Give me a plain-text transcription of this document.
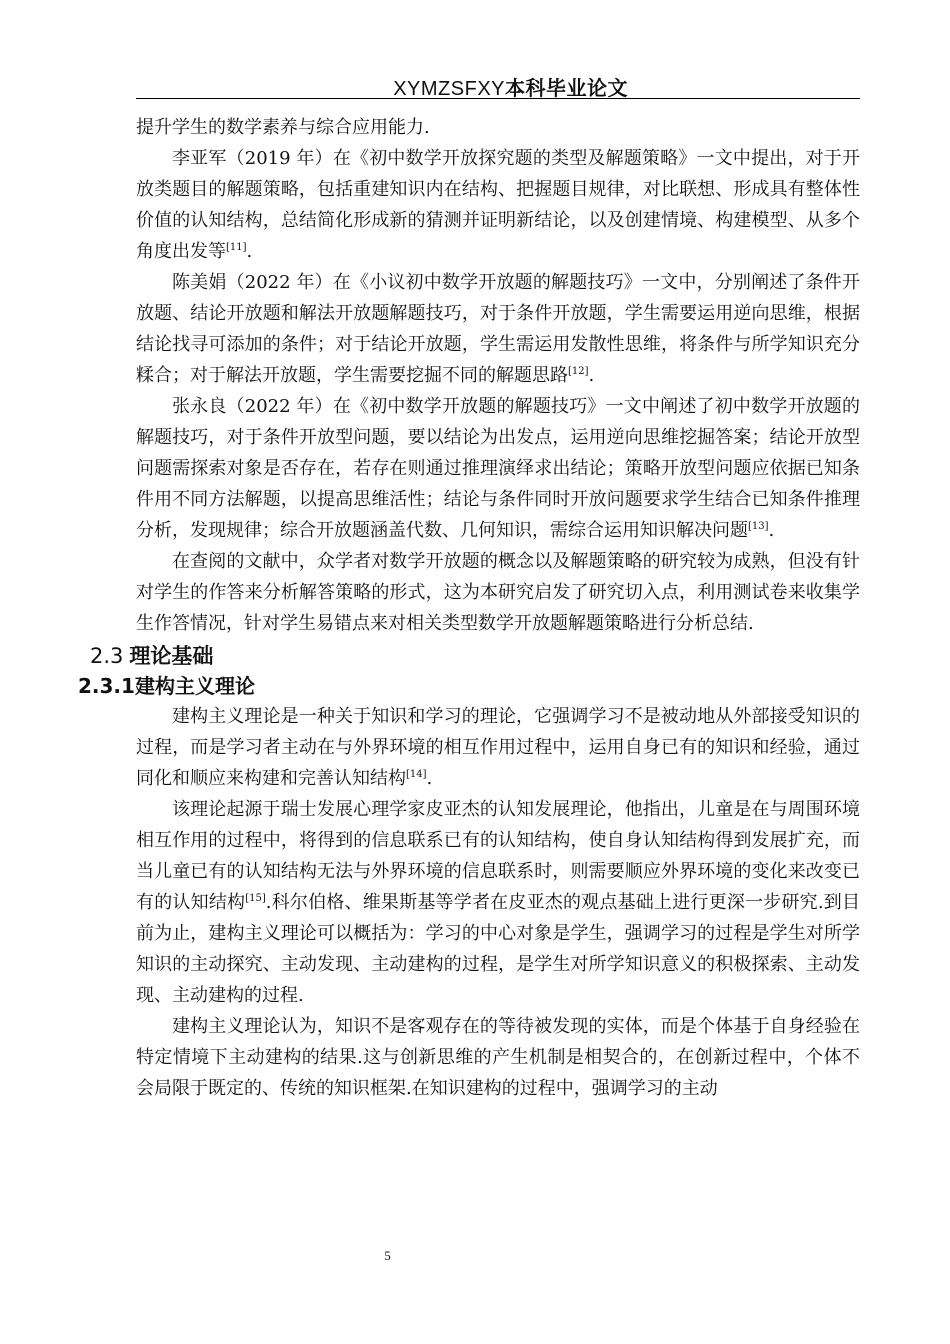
XYMZSFXY本科毕业论文

提升学生的数学素养与综合应用能力.

李亚军（2019 年）在《初中数学开放探究题的类型及解题策略》一文中提出，对于开放类题目的解题策略，包括重建知识内在结构、把握题目规律，对比联想、形成具有整体性价值的认知结构，总结简化形成新的猜测并证明新结论，以及创建情境、构建模型、从多个角度出发等[11].

陈美娟（2022 年）在《小议初中数学开放题的解题技巧》一文中，分别阐述了条件开放题、结论开放题和解法开放题解题技巧，对于条件开放题，学生需要运用逆向思维，根据结论找寻可添加的条件；对于结论开放题，学生需运用发散性思维，将条件与所学知识充分糅合；对于解法开放题，学生需要挖掘不同的解题思路[12].

张永良（2022 年）在《初中数学开放题的解题技巧》一文中阐述了初中数学开放题的解题技巧，对于条件开放型问题，要以结论为出发点，运用逆向思维挖掘答案；结论开放型问题需探索对象是否存在，若存在则通过推理演绎求出结论；策略开放型问题应依据已知条件用不同方法解题，以提高思维活性；结论与条件同时开放问题要求学生结合已知条件推理分析，发现规律；综合开放题涵盖代数、几何知识，需综合运用知识解决问题[13].

在查阅的文献中，众学者对数学开放题的概念以及解题策略的研究较为成熟，但没有针对学生的作答来分析解答策略的形式，这为本研究启发了研究切入点，利用测试卷来收集学生作答情况，针对学生易错点来对相关类型数学开放题解题策略进行分析总结.

2.3 理论基础
2.3.1建构主义理论

建构主义理论是一种关于知识和学习的理论，它强调学习不是被动地从外部接受知识的过程，而是学习者主动在与外界环境的相互作用过程中，运用自身已有的知识和经验，通过同化和顺应来构建和完善认知结构[14].

该理论起源于瑞士发展心理学家皮亚杰的认知发展理论，他指出，儿童是在与周围环境相互作用的过程中，将得到的信息联系已有的认知结构，使自身认知结构得到发展扩充，而当儿童已有的认知结构无法与外界环境的信息联系时，则需要顺应外界环境的变化来改变已有的认知结构[15].科尔伯格、维果斯基等学者在皮亚杰的观点基础上进行更深一步研究.到目前为止，建构主义理论可以概括为：学习的中心对象是学生，强调学习的过程是学生对所学知识的主动探究、主动发现、主动建构的过程，是学生对所学知识意义的积极探索、主动发现、主动建构的过程.

建构主义理论认为，知识不是客观存在的等待被发现的实体，而是个体基于自身经验在特定情境下主动建构的结果.这与创新思维的产生机制是相契合的，在创新过程中，个体不会局限于既定的、传统的知识框架.在知识建构的过程中，强调学习的主动

5
